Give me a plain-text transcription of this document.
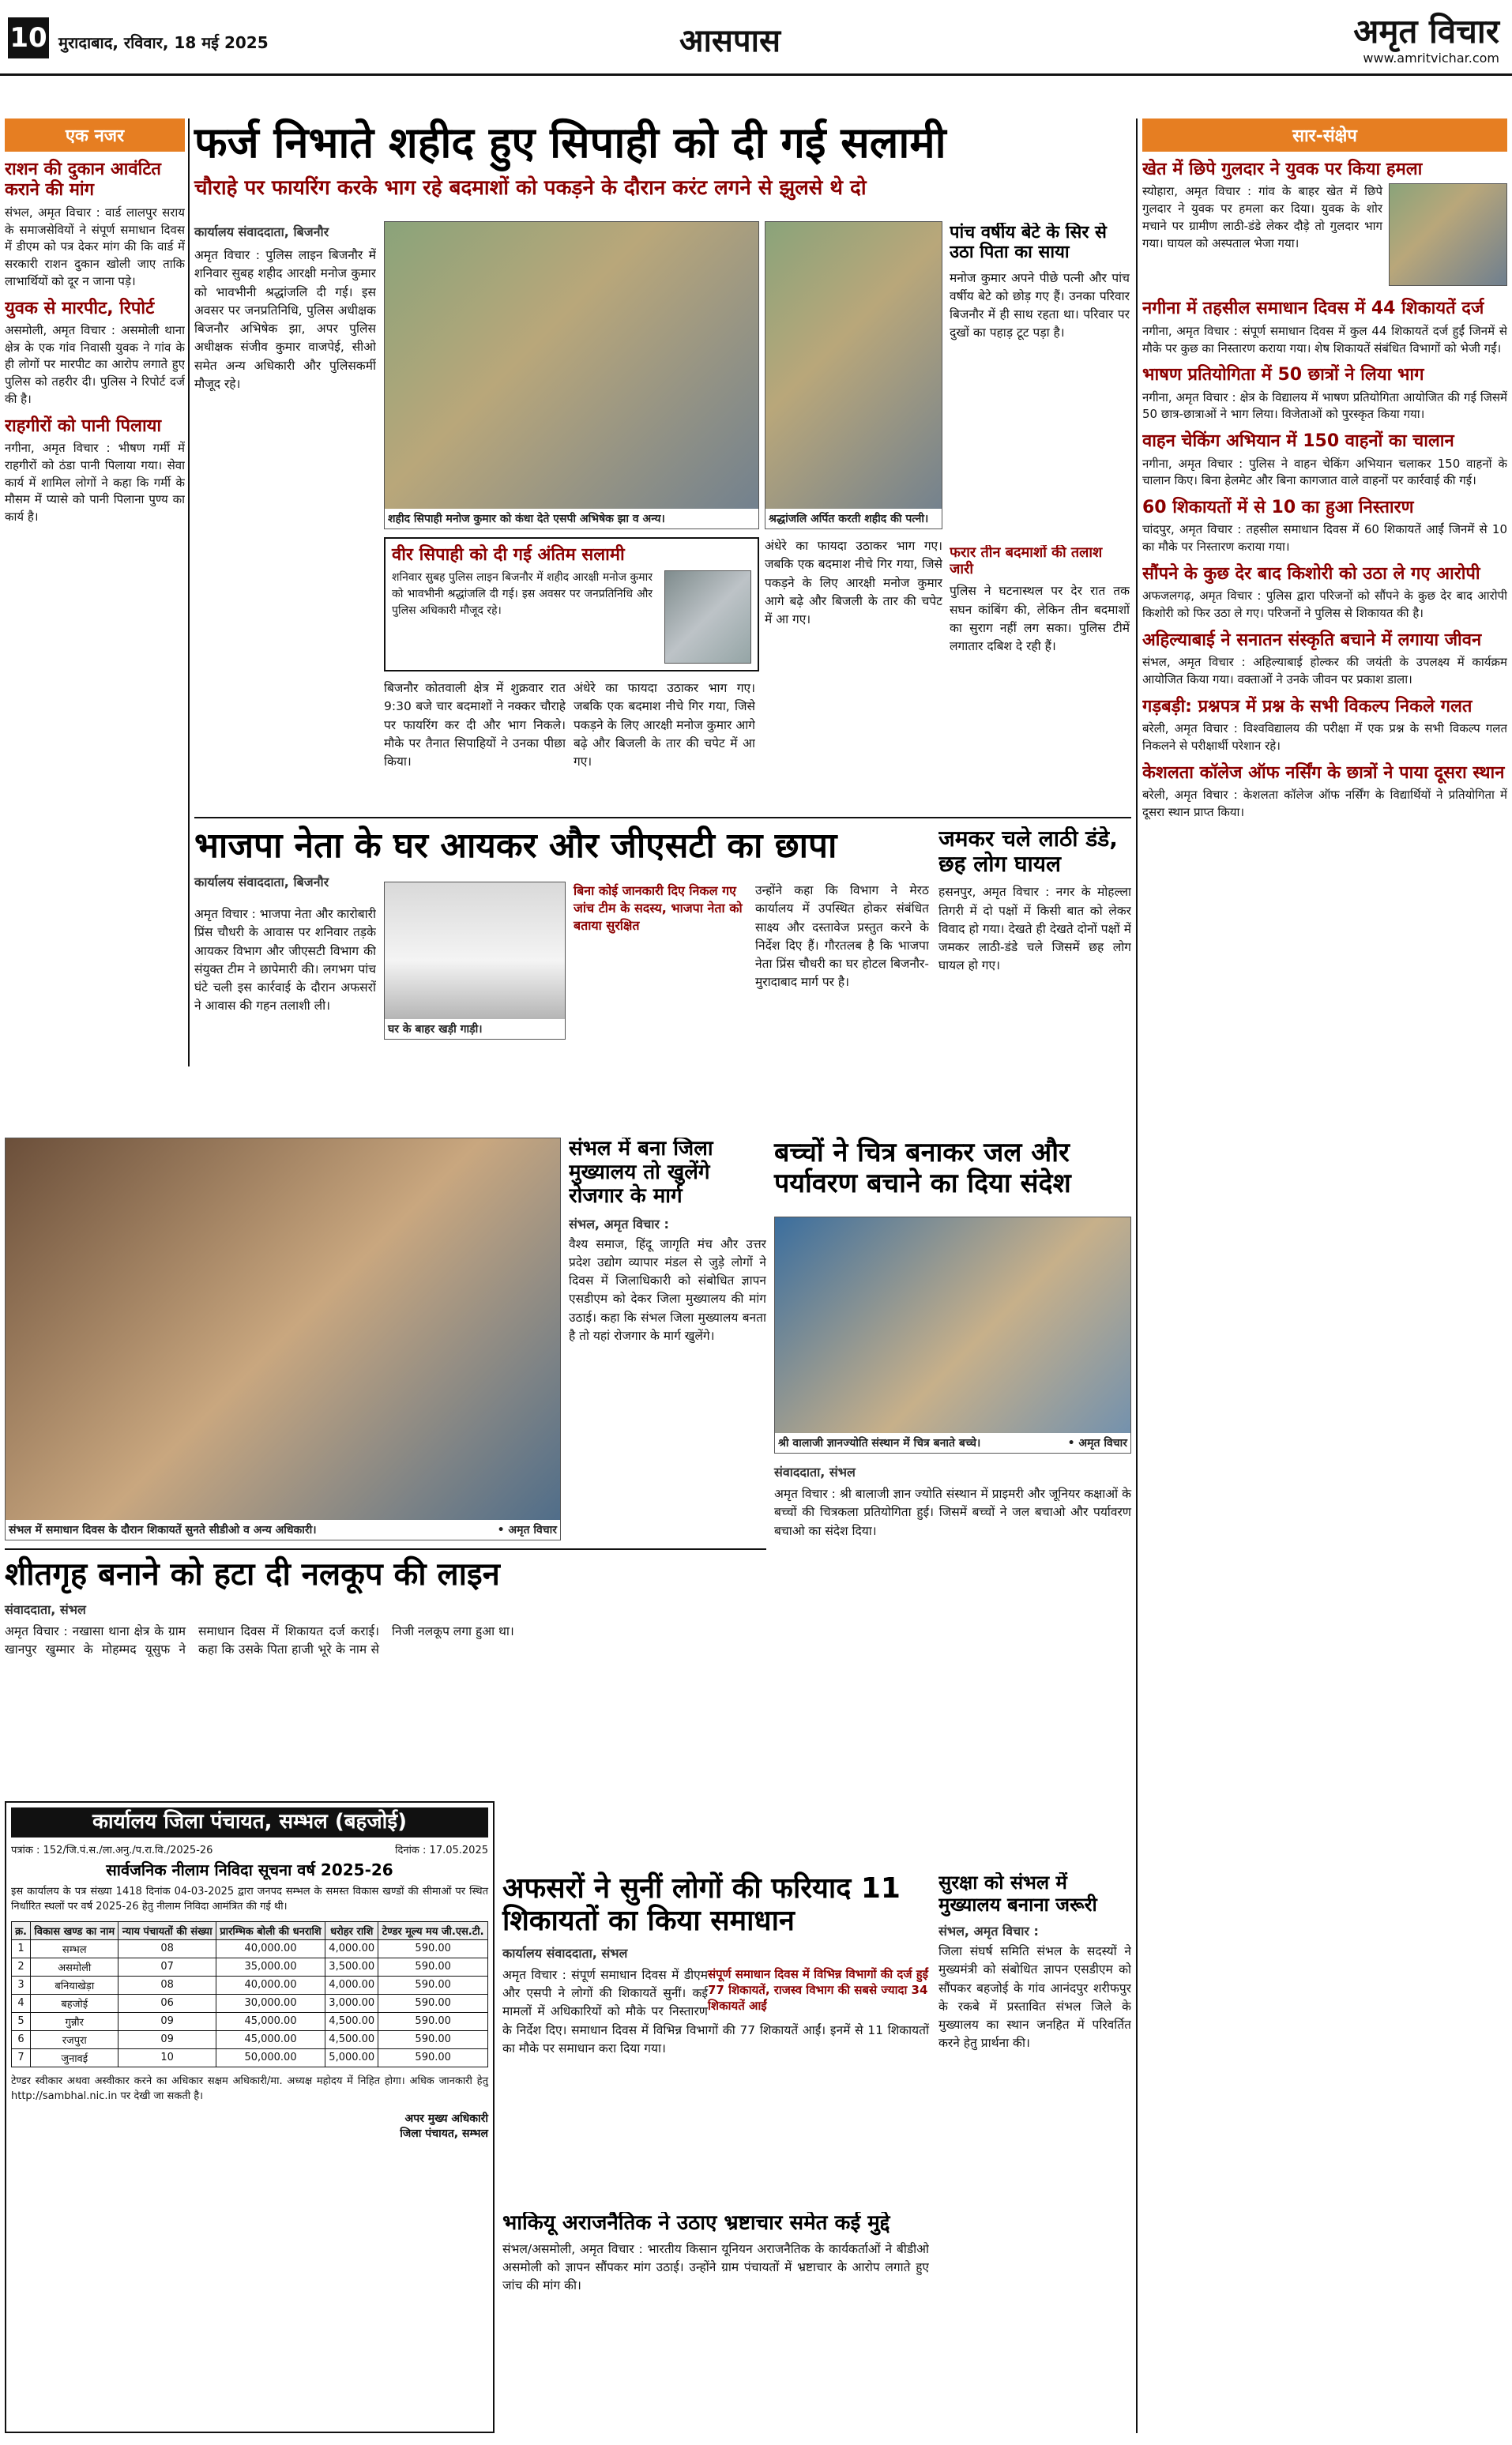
10 मुरादाबाद, रविवार, 18 मई 2025	आसपास	अमृत विचार
www.amritvichar.com
एक नजर
राशन की दुकान आवंटित कराने की मांग
संभल, अमृत विचार : वार्ड लालपुर सराय के समाजसेवियों ने संपूर्ण समाधान दिवस में डीएम को पत्र देकर मांग की कि वार्ड में सरकारी राशन दुकान खोली जाए ताकि लाभार्थियों को दूर न जाना पड़े।
युवक से मारपीट, रिपोर्ट
असमोली, अमृत विचार : असमोली थाना क्षेत्र के एक गांव निवासी युवक ने गांव के ही लोगों पर मारपीट का आरोप लगाते हुए पुलिस को तहरीर दी। पुलिस ने रिपोर्ट दर्ज की है।
राहगीरों को पानी पिलाया
नगीना, अमृत विचार : भीषण गर्मी में राहगीरों को ठंडा पानी पिलाया गया। सेवा कार्य में शामिल लोगों ने कहा कि गर्मी के मौसम में प्यासे को पानी पिलाना पुण्य का कार्य है।
फर्ज निभाते शहीद हुए सिपाही को दी गई सलामी
चौराहे पर फायरिंग करके भाग रहे बदमाशों को पकड़ने के दौरान करंट लगने से झुलसे थे दो
कार्यालय संवाददाता, बिजनौर
अमृत विचार : पुलिस लाइन बिजनौर में शनिवार सुबह शहीद आरक्षी मनोज कुमार को भावभीनी श्रद्धांजलि दी गई। इस अवसर पर जनप्रतिनिधि, पुलिस अधीक्षक बिजनौर अभिषेक झा, अपर पुलिस अधीक्षक संजीव कुमार वाजपेई, सीओ समेत अन्य अधिकारी और पुलिसकर्मी मौजूद रहे।
शहीद सिपाही मनोज कुमार को कंधा देते एसपी अभिषेक झा व अन्य।	श्रद्धांजलि अर्पित करती शहीद की पत्नी।
पांच वर्षीय बेटे के सिर से उठा पिता का साया
मनोज कुमार अपने पीछे पत्नी और पांच वर्षीय बेटे को छोड़ गए हैं। उनका परिवार बिजनौर में ही साथ रहता था। परिवार पर दुखों का पहाड़ टूट पड़ा है।
वीर सिपाही को दी गई अंतिम सलामी
शनिवार सुबह पुलिस लाइन बिजनौर में शहीद आरक्षी मनोज कुमार को भावभीनी श्रद्धांजलि दी गई। इस अवसर पर जनप्रतिनिधि और पुलिस अधिकारी मौजूद रहे।
बिजनौर कोतवाली क्षेत्र में शुक्रवार रात 9:30 बजे चार बदमाशों ने नक्कर चौराहे पर फायरिंग कर दी और भाग निकले। मौके पर तैनात सिपाहियों ने उनका पीछा किया।
अंधेरे का फायदा उठाकर भाग गए। जबकि एक बदमाश नीचे गिर गया, जिसे पकड़ने के लिए आरक्षी मनोज कुमार आगे बढ़े और बिजली के तार की चपेट में आ गए।
अंधेरे का फायदा उठाकर भाग गए। जबकि एक बदमाश नीचे गिर गया, जिसे पकड़ने के लिए आरक्षी मनोज कुमार आगे बढ़े और बिजली के तार की चपेट में आ गए।
फरार तीन बदमाशों की तलाश जारी
पुलिस ने घटनास्थल पर देर रात तक सघन कांबिंग की, लेकिन तीन बदमाशों का सुराग नहीं लग सका। पुलिस टीमें लगातार दबिश दे रही हैं।
सार-संक्षेप
खेत में छिपे गुलदार ने युवक पर किया हमला
स्योहारा, अमृत विचार : गांव के बाहर खेत में छिपे गुलदार ने युवक पर हमला कर दिया। युवक के शोर मचाने पर ग्रामीण लाठी-डंडे लेकर दौड़े तो गुलदार भाग गया। घायल को अस्पताल भेजा गया।
नगीना में तहसील समाधान दिवस में 44 शिकायतें दर्ज
नगीना, अमृत विचार : संपूर्ण समाधान दिवस में कुल 44 शिकायतें दर्ज हुईं जिनमें से मौके पर कुछ का निस्तारण कराया गया। शेष शिकायतें संबंधित विभागों को भेजी गईं।
भाषण प्रतियोगिता में 50 छात्रों ने लिया भाग
नगीना, अमृत विचार : क्षेत्र के विद्यालय में भाषण प्रतियोगिता आयोजित की गई जिसमें 50 छात्र-छात्राओं ने भाग लिया। विजेताओं को पुरस्कृत किया गया।
वाहन चेकिंग अभियान में 150 वाहनों का चालान
नगीना, अमृत विचार : पुलिस ने वाहन चेकिंग अभियान चलाकर 150 वाहनों के चालान किए। बिना हेलमेट और बिना कागजात वाले वाहनों पर कार्रवाई की गई।
60 शिकायतों में से 10 का हुआ निस्तारण
चांदपुर, अमृत विचार : तहसील समाधान दिवस में 60 शिकायतें आईं जिनमें से 10 का मौके पर निस्तारण कराया गया।
सौंपने के कुछ देर बाद किशोरी को उठा ले गए आरोपी
अफजलगढ़, अमृत विचार : पुलिस द्वारा परिजनों को सौंपने के कुछ देर बाद आरोपी किशोरी को फिर उठा ले गए। परिजनों ने पुलिस से शिकायत की है।
अहिल्याबाई ने सनातन संस्कृति बचाने में लगाया जीवन
संभल, अमृत विचार : अहिल्याबाई होल्कर की जयंती के उपलक्ष्य में कार्यक्रम आयोजित किया गया। वक्ताओं ने उनके जीवन पर प्रकाश डाला।
गड़बड़ी: प्रश्नपत्र में प्रश्न के सभी विकल्प निकले गलत
बरेली, अमृत विचार : विश्वविद्यालय की परीक्षा में एक प्रश्न के सभी विकल्प गलत निकलने से परीक्षार्थी परेशान रहे।
केशलता कॉलेज ऑफ नर्सिंग के छात्रों ने पाया दूसरा स्थान
बरेली, अमृत विचार : केशलता कॉलेज ऑफ नर्सिंग के विद्यार्थियों ने प्रतियोगिता में दूसरा स्थान प्राप्त किया।
भाजपा नेता के घर आयकर और जीएसटी का छापा
कार्यालय संवाददाता, बिजनौर
अमृत विचार : भाजपा नेता और कारोबारी प्रिंस चौधरी के आवास पर शनिवार तड़के आयकर विभाग और जीएसटी विभाग की संयुक्त टीम ने छापेमारी की। लगभग पांच घंटे चली इस कार्रवाई के दौरान अफसरों ने आवास की गहन तलाशी ली।
घर के बाहर खड़ी गाड़ी।
बिना कोई जानकारी दिए निकल गए जांच टीम के सदस्य, भाजपा नेता को बताया सुरक्षित
उन्होंने कहा कि विभाग ने मेरठ कार्यालय में उपस्थित होकर संबंधित साक्ष्य और दस्तावेज प्रस्तुत करने के निर्देश दिए हैं। गौरतलब है कि भाजपा नेता प्रिंस चौधरी का घर होटल बिजनौर-मुरादाबाद मार्ग पर है।
जमकर चले लाठी डंडे, छह लोग घायल
हसनपुर, अमृत विचार : नगर के मोहल्ला तिगरी में दो पक्षों में किसी बात को लेकर विवाद हो गया। देखते ही देखते दोनों पक्षों में जमकर लाठी-डंडे चले जिसमें छह लोग घायल हो गए।
संभल में समाधान दिवस के दौरान शिकायतें सुनते सीडीओ व अन्य अधिकारी।	• अमृत विचार
संभल में बना जिला मुख्यालय तो खुलेंगे रोजगार के मार्ग
संभल, अमृत विचार :
वैश्य समाज, हिंदू जागृति मंच और उत्तर प्रदेश उद्योग व्यापार मंडल से जुड़े लोगों ने दिवस में जिलाधिकारी को संबोधित ज्ञापन एसडीएम को देकर जिला मुख्यालय की मांग उठाई। कहा कि संभल जिला मुख्यालय बनता है तो यहां रोजगार के मार्ग खुलेंगे।
बच्चों ने चित्र बनाकर जल और पर्यावरण बचाने का दिया संदेश
श्री वालाजी ज्ञानज्योति संस्थान में चित्र बनाते बच्चे।	• अमृत विचार
संवाददाता, संभल
अमृत विचार : श्री बालाजी ज्ञान ज्योति संस्थान में प्राइमरी और जूनियर कक्षाओं के बच्चों की चित्रकला प्रतियोगिता हुई। जिसमें बच्चों ने जल बचाओ और पर्यावरण बचाओ का संदेश दिया।
शीतगृह बनाने को हटा दी नलकूप की लाइन
संवाददाता, संभल
अमृत विचार : नखासा थाना क्षेत्र के ग्राम खानपुर खुम्मार के मोहम्मद यूसुफ ने समाधान दिवस में शिकायत दर्ज कराई। कहा कि उसके पिता हाजी भूरे के नाम से निजी नलकूप लगा हुआ था।
कार्यालय जिला पंचायत, सम्भल (बहजोई)
पत्रांक : 152/जि.पं.स./ला.अनु./प.रा.वि./2025-26	दिनांक : 17.05.2025
सार्वजनिक नीलाम निविदा सूचना वर्ष 2025-26
इस कार्यालय के पत्र संख्या 1418 दिनांक 04-03-2025 द्वारा जनपद सम्भल के समस्त विकास खण्डों की सीमाओं पर स्थित निर्धारित स्थलों पर वर्ष 2025-26 हेतु नीलाम निविदा आमंत्रित की गई थी।
क्र.	विकास खण्ड का नाम	न्याय पंचायतों की संख्या	प्रारम्भिक बोली की धनराशि	धरोहर राशि	टेण्डर मूल्य मय जी.एस.टी.
1	सम्भल	08	40,000.00	4,000.00	590.00
2	असमोली	07	35,000.00	3,500.00	590.00
3	बनियाखेड़ा	08	40,000.00	4,000.00	590.00
4	बहजोई	06	30,000.00	3,000.00	590.00
5	गुन्नौर	09	45,000.00	4,500.00	590.00
6	रजपुरा	09	45,000.00	4,500.00	590.00
7	जुनावई	10	50,000.00	5,000.00	590.00
टेण्डर स्वीकार अथवा अस्वीकार करने का अधिकार सक्षम अधिकारी/मा. अध्यक्ष महोदय में निहित होगा। अधिक जानकारी हेतु http://sambhal.nic.in पर देखी जा सकती है।
अपर मुख्य अधिकारी
जिला पंचायत, सम्भल
अफसरों ने सुनीं लोगों की फरियाद 11 शिकायतों का किया समाधान
कार्यालय संवाददाता, संभल
संपूर्ण समाधान दिवस में विभिन्न विभागों की दर्ज हुईं 77 शिकायतें, राजस्व विभाग की सबसे ज्यादा 34 शिकायतें आईं
अमृत विचार : संपूर्ण समाधान दिवस में डीएम और एसपी ने लोगों की शिकायतें सुनीं। कई मामलों में अधिकारियों को मौके पर निस्तारण के निर्देश दिए। समाधान दिवस में विभिन्न विभागों की 77 शिकायतें आईं। इनमें से 11 शिकायतों का मौके पर समाधान करा दिया गया।
सुरक्षा को संभल में मुख्यालय बनाना जरूरी
संभल, अमृत विचार :
जिला संघर्ष समिति संभल के सदस्यों ने मुख्यमंत्री को संबोधित ज्ञापन एसडीएम को सौंपकर बहजोई के गांव आनंदपुर शरीफपुर के रकबे में प्रस्तावित संभल जिले के मुख्यालय का स्थान जनहित में परिवर्तित करने हेतु प्रार्थना की।
भाकियू अराजनैतिक ने उठाए भ्रष्टाचार समेत कई मुद्दे
संभल/असमोली, अमृत विचार : भारतीय किसान यूनियन अराजनैतिक के कार्यकर्ताओं ने बीडीओ असमोली को ज्ञापन सौंपकर मांग उठाई। उन्होंने ग्राम पंचायतों में भ्रष्टाचार के आरोप लगाते हुए जांच की मांग की।
